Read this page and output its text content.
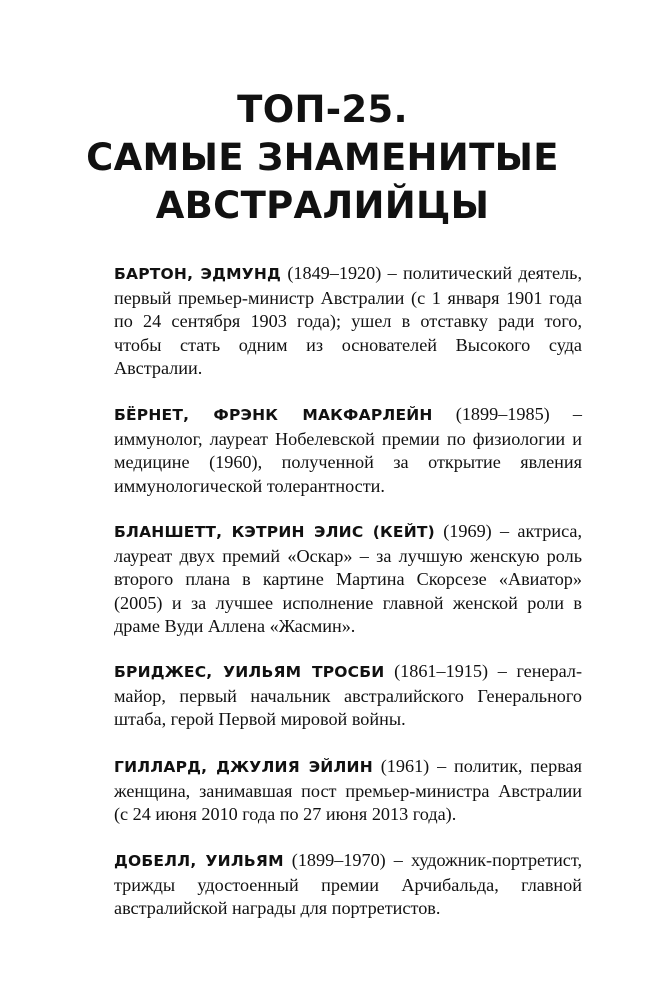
ТОП-25.
САМЫЕ ЗНАМЕНИТЫЕ
АВСТРАЛИЙЦЫ
БАРТОН, ЭДМУНД (1849–1920) – политический деятель, первый премьер-министр Австралии (с 1 января 1901 года по 24 сентября 1903 года); ушел в отставку ради того, чтобы стать одним из основателей Высокого суда Австралии.
БЁРНЕТ, ФРЭНК МАКФАРЛЕЙН (1899–1985) – иммунолог, лауреат Нобелевской премии по физиологии и медицине (1960), полученной за открытие явления иммунологической толерантности.
БЛАНШЕТТ, КЭТРИН ЭЛИС (КЕЙТ) (1969) – актриса, лауреат двух премий «Оскар» – за лучшую женскую роль второго плана в картине Мартина Скорсезе «Авиатор» (2005) и за лучшее исполнение главной женской роли в драме Вуди Аллена «Жасмин».
БРИДЖЕС, УИЛЬЯМ ТРОСБИ (1861–1915) – генерал-майор, первый начальник австралийского Генерального штаба, герой Первой мировой войны.
ГИЛЛАРД, ДЖУЛИЯ ЭЙЛИН (1961) – политик, первая женщина, занимавшая пост премьер-министра Австралии (с 24 июня 2010 года по 27 июня 2013 года).
ДОБЕЛЛ, УИЛЬЯМ (1899–1970) – художник-портретист, трижды удостоенный премии Арчибальда, главной австралийской награды для портретистов.
